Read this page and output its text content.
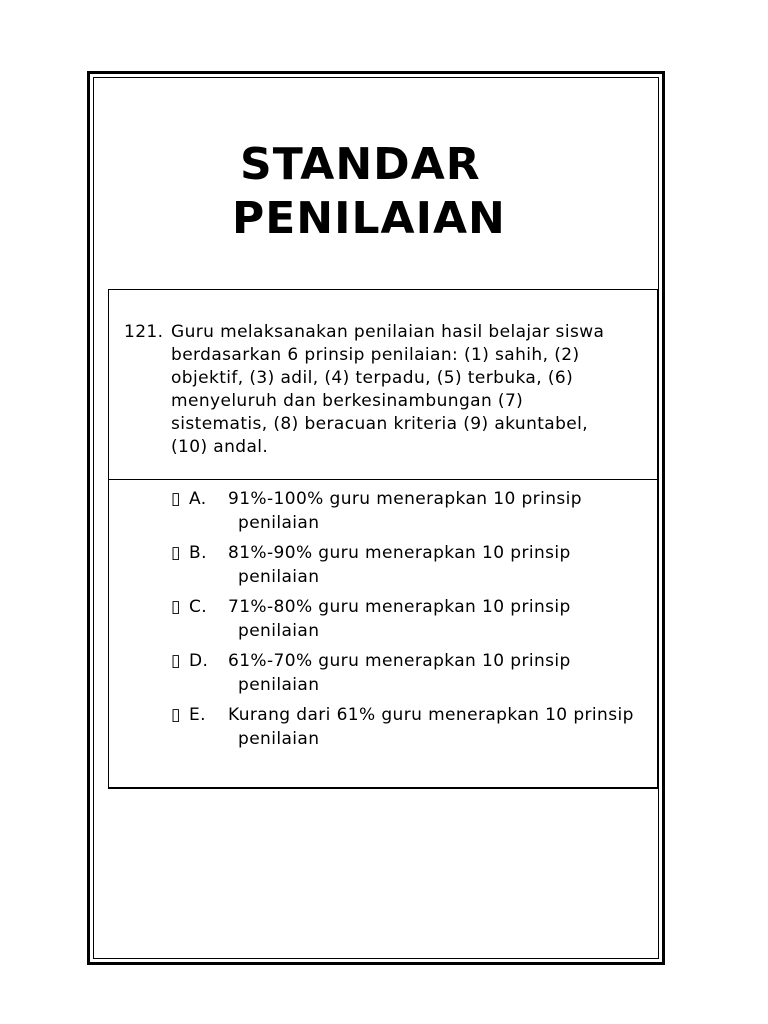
STANDAR
PENILAIAN
121. Guru melaksanakan penilaian hasil belajar siswa berdasarkan 6 prinsip penilaian: (1) sahih, (2) objektif, (3) adil, (4) terpadu, (5) terbuka, (6) menyeluruh dan berkesinambungan (7) sistematis, (8) beracuan kriteria (9) akuntabel, (10) andal.
▯ A. 91%-100% guru menerapkan 10 prinsip penilaian
▯ B. 81%-90% guru menerapkan 10 prinsip penilaian
▯ C. 71%-80% guru menerapkan 10 prinsip penilaian
▯ D. 61%-70% guru menerapkan 10 prinsip penilaian
▯ E. Kurang dari 61% guru menerapkan 10 prinsip penilaian
